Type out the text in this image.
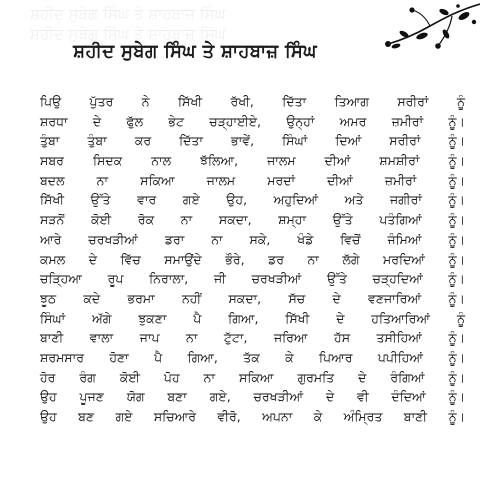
ਸ਼ਹੀਦ ਸੁਬੇਗ ਸਿੰਘ ਤੇ ਸ਼ਾਹਬਾਜ਼ ਸਿੰਘ
ਸ਼ਹੀਦ ਸੁਬੇਗ ਸਿੰਘ ਤੇ ਸ਼ਾਹਬਾਜ਼ ਸਿੰਘ
ਸ਼ਹੀਦ ਸੁਬੇਗ ਸਿੰਘ ਤੇ ਸ਼ਾਹਬਾਜ਼ ਸਿੰਘ
ਪਿਉ ਪੁੱਤਰ ਨੇ ਸਿੱਖੀ ਰੱਖੀ, ਦਿੱਤਾ ਤਿਆਗ ਸਰੀਰਾਂ ਨੂੰ
ਸ਼ਰਧਾ ਦੇ ਫੁੱਲ ਭੇਟ ਚੜ੍ਹਾਈਏ, ਉਨ੍ਹਾਂ ਅਮਰ ਜ਼ਮੀਰਾਂ ਨੂੰ।
ਤੁੰਬਾ ਤੁੰਬਾ ਕਰ ਦਿੱਤਾ ਭਾਵੇਂ, ਸਿੰਘਾਂ ਦਿਆਂ ਸਰੀਰਾਂ ਨੂੰ।
ਸਬਰ ਸਿਦਕ ਨਾਲ ਝੱਲਿਆ, ਜਾਲਮ ਦੀਆਂ ਸ਼ਮਸ਼ੀਰਾਂ ਨੂੰ।
ਬਦਲ ਨਾ ਸਕਿਆ ਜਾਲਮ ਮਰਦਾਂ ਦੀਆਂ ਜ਼ਮੀਰਾਂ ਨੂੰ।
ਸਿੱਖੀ ਉੱਤੇ ਵਾਰ ਗਏ ਉਹ, ਅਹੁਦਿਆਂ ਅਤੇ ਜਗੀਰਾਂ ਨੂੰ।
ਸੜਨੋਂ ਕੋਈ ਰੋਕ ਨਾ ਸਕਦਾ, ਸ਼ਮ੍ਹਾ ਉੱਤੇ ਪਤੰਗਿਆਂ ਨੂੰ।
ਆਰੇ ਚਰਖੜੀਆਂ ਡਰਾ ਨਾ ਸਕੇ, ਖੰਡੇ ਵਿਚੋਂ ਜੰਮਿਆਂ ਨੂੰ।
ਕਮਲ ਦੇ ਵਿੱਚ ਸਮਾਉਂਦੇ ਭੌਰੇ, ਡਰ ਨਾ ਲੱਗੇ ਮਰਦਿਆਂ ਨੂੰ।
ਚੜ੍ਹਿਆ ਰੂਪ ਨਿਰਾਲਾ, ਜੀ ਚਰਖੜੀਆਂ ਉੱਤੇ ਚੜ੍ਹਦਿਆਂ ਨੂੰ।
ਝੂਠ ਕਦੇ ਭਰਮਾ ਨਹੀਂ ਸਕਦਾ, ਸੱਚ ਦੇ ਵਣਜਾਰਿਆਂ ਨੂੰ।
ਸਿੰਘਾਂ ਅੱਗੇ ਝੁਕਣਾ ਪੈ ਗਿਆ, ਸਿੱਖੀ ਦੇ ਹਤਿਆਰਿਆਂ ਨੂੰ
ਬਾਣੀ ਵਾਲਾ ਜਾਪ ਨਾ ਟੁੱਟਾ, ਜਰਿਆ ਹੱਸ ਤਸੀਹਿਆਂ ਨੂੰ।
ਸ਼ਰਮਸਾਰ ਹੋਣਾ ਪੈ ਗਿਆ, ਤੱਕ ਕੇ ਪਿਆਰ ਪਪੀਹਿਆਂ ਨੂੰ।
ਹੋਰ ਰੰਗ ਕੋਈ ਪੋਹ ਨਾ ਸਕਿਆ ਗੁਰਮਤਿ ਦੇ ਰੰਗਿਆਂ ਨੂੰ।
ਉਹ ਪੂਜਣ ਯੋਗ ਬਣਾ ਗਏ, ਚਰਖੜੀਆਂ ਦੇ ਵੀ ਦੰਦਿਆਂ ਨੂੰ।
ਉਹ ਬਣ ਗਏ ਸਚਿਆਰੇ ਵੀਰੋ, ਅਪਨਾ ਕੇ ਅੰਮ੍ਰਿਤ ਬਾਣੀ ਨੂੰ।
